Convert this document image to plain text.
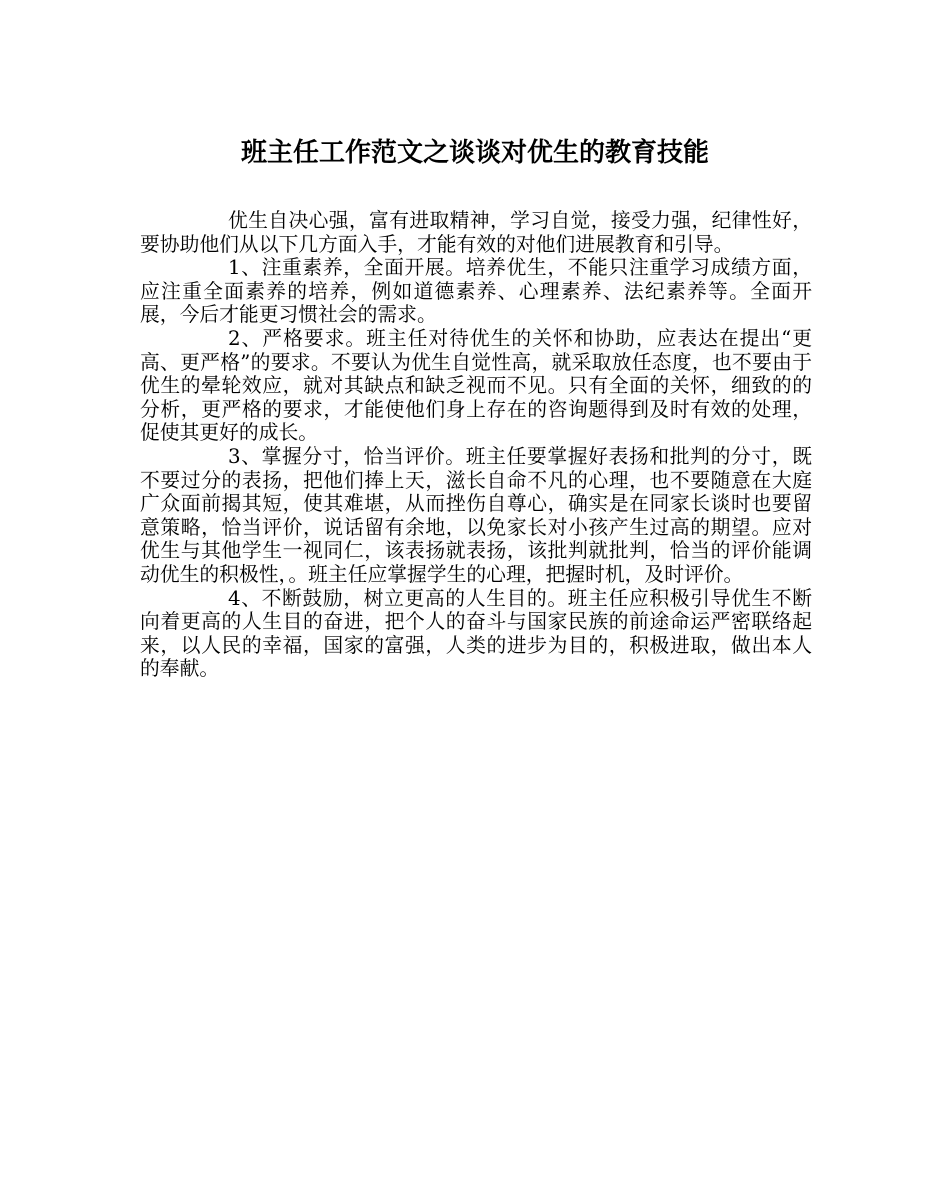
班主任工作范文之谈谈对优生的教育技能

优生自决心强，富有进取精神，学习自觉，接受力强，纪律性好，要协助他们从以下几方面入手，才能有效的对他们进展教育和引导。

1、注重素养，全面开展。培养优生，不能只注重学习成绩方面，应注重全面素养的培养，例如道德素养、心理素养、法纪素养等。全面开展，今后才能更习惯社会的需求。

2、严格要求。班主任对待优生的关怀和协助，应表达在提出“更高、更严格”的要求。不要认为优生自觉性高，就采取放任态度，也不要由于优生的晕轮效应，就对其缺点和缺乏视而不见。只有全面的关怀，细致的的分析，更严格的要求，才能使他们身上存在的咨询题得到及时有效的处理，促使其更好的成长。

3、掌握分寸，恰当评价。班主任要掌握好表扬和批判的分寸，既不要过分的表扬，把他们捧上天，滋长自命不凡的心理，也不要随意在大庭广众面前揭其短，使其难堪，从而挫伤自尊心，确实是在同家长谈时也要留意策略，恰当评价，说话留有余地，以免家长对小孩产生过高的期望。应对优生与其他学生一视同仁，该表扬就表扬，该批判就批判，恰当的评价能调动优生的积极性，。班主任应掌握学生的心理，把握时机，及时评价。

4、不断鼓励，树立更高的人生目的。班主任应积极引导优生不断向着更高的人生目的奋进，把个人的奋斗与国家民族的前途命运严密联络起来，以人民的幸福，国家的富强，人类的进步为目的，积极进取，做出本人的奉献。
